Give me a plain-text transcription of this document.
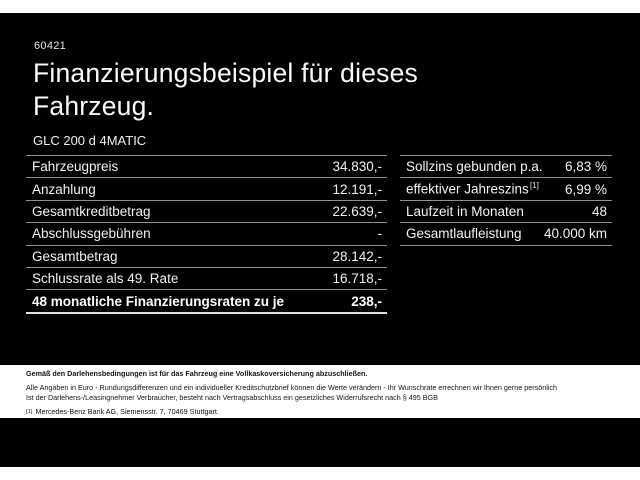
60421
Finanzierungsbeispiel für dieses
Fahrzeug.
GLC 200 d 4MATIC
Fahrzeugpreis	34.830,-
Anzahlung	12.191,-
Gesamtkreditbetrag	22.639,-
Abschlussgebühren	-
Gesamtbetrag	28.142,-
Schlussrate als 49. Rate	16.718,-
48 monatliche Finanzierungsraten zu je	238,-
Sollzins gebunden p.a. 6,83 %
effektiver Jahreszins [1] 6,99 %
Laufzeit in Monaten	48
Gesamtlaufleistung 40.000 km
Gemäß den Darlehensbedingungen ist für das Fahrzeug eine Vollkaskoversicherung abzuschließen.
Alle Angaben in Euro - Rundungsdifferenzen und ein individueller Kreditschutzbrief können die Werte verändern - Ihr Wunschrate errechnen wir Ihnen gerne persönlich
Ist der Darlehens-/Leasingnehmer Verbraucher, besteht nach Vertragsabschluss ein gesetzliches Widerrufsrecht nach § 495 BGB
[1] Mercedes-Benz Bank AG, Siemensstr. 7, 70469 Stuttgart.
